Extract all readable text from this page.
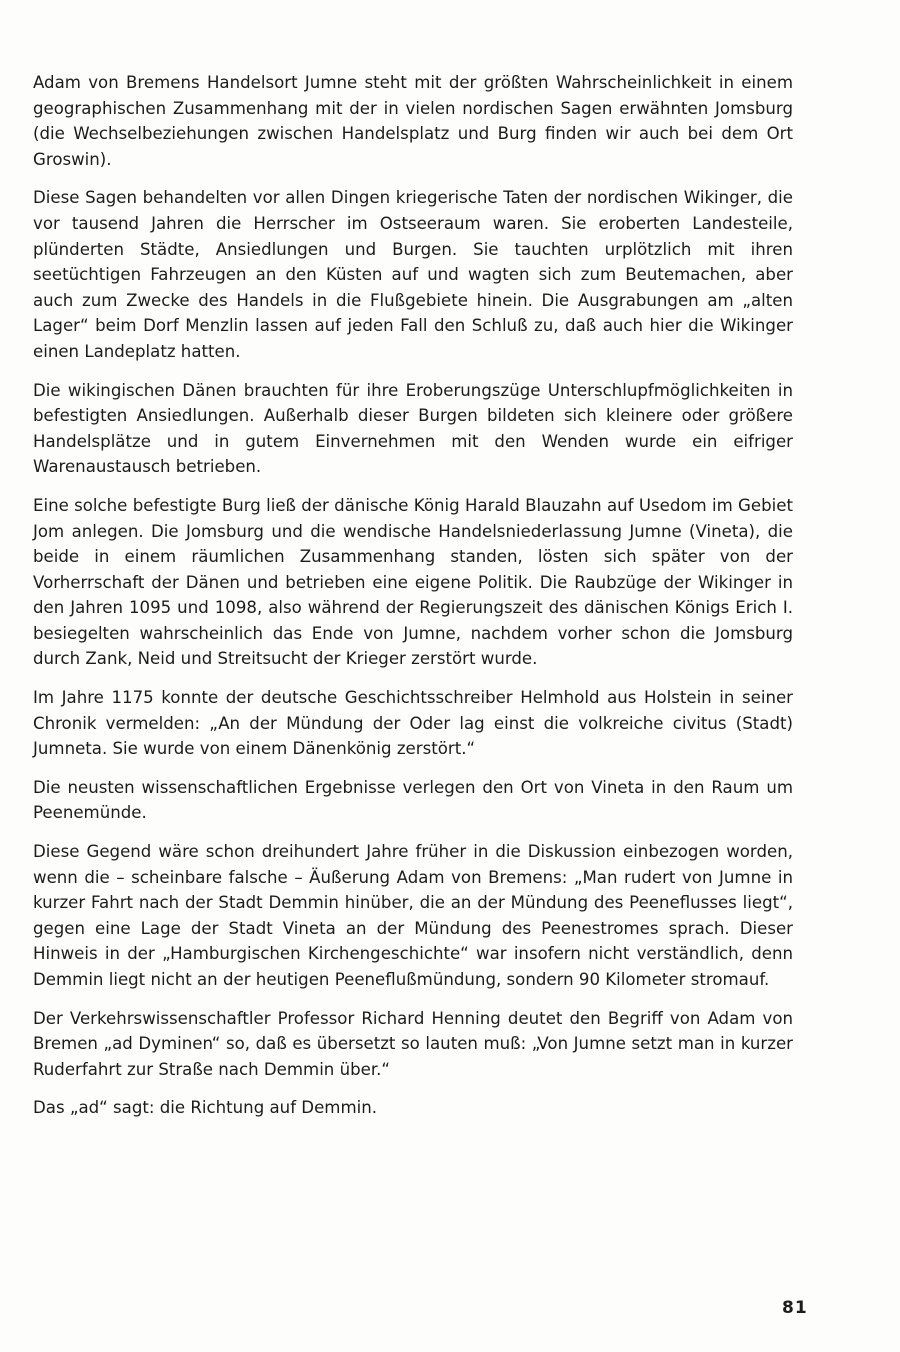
Adam von Bremens Handelsort Jumne steht mit der größten Wahrscheinlichkeit in einem geographischen Zusammenhang mit der in vielen nordischen Sagen erwähnten Jomsburg (die Wechselbeziehungen zwischen Handelsplatz und Burg finden wir auch bei dem Ort Groswin).

Diese Sagen behandelten vor allen Dingen kriegerische Taten der nordischen Wikinger, die vor tausend Jahren die Herrscher im Ostseeraum waren. Sie eroberten Landesteile, plünderten Städte, Ansiedlungen und Burgen. Sie tauchten urplötzlich mit ihren seetüchtigen Fahrzeugen an den Küsten auf und wagten sich zum Beutemachen, aber auch zum Zwecke des Handels in die Flußgebiete hinein. Die Ausgrabungen am „alten Lager“ beim Dorf Menzlin lassen auf jeden Fall den Schluß zu, daß auch hier die Wikinger einen Landeplatz hatten.

Die wikingischen Dänen brauchten für ihre Eroberungszüge Unterschlupfmöglichkeiten in befestigten Ansiedlungen. Außerhalb dieser Burgen bildeten sich kleinere oder größere Handelsplätze und in gutem Einvernehmen mit den Wenden wurde ein eifriger Warenaustausch betrieben.

Eine solche befestigte Burg ließ der dänische König Harald Blauzahn auf Usedom im Gebiet Jom anlegen. Die Jomsburg und die wendische Handelsniederlassung Jumne (Vineta), die beide in einem räumlichen Zusammenhang standen, lösten sich später von der Vorherrschaft der Dänen und betrieben eine eigene Politik. Die Raubzüge der Wikinger in den Jahren 1095 und 1098, also während der Regierungszeit des dänischen Königs Erich I. besiegelten wahrscheinlich das Ende von Jumne, nachdem vorher schon die Jomsburg durch Zank, Neid und Streitsucht der Krieger zerstört wurde.

Im Jahre 1175 konnte der deutsche Geschichtsschreiber Helmhold aus Holstein in seiner Chronik vermelden: „An der Mündung der Oder lag einst die volkreiche civitus (Stadt) Jumneta. Sie wurde von einem Dänenkönig zerstört.“

Die neusten wissenschaftlichen Ergebnisse verlegen den Ort von Vineta in den Raum um Peenemünde.

Diese Gegend wäre schon dreihundert Jahre früher in die Diskussion einbezogen worden, wenn die – scheinbare falsche – Äußerung Adam von Bremens: „Man rudert von Jumne in kurzer Fahrt nach der Stadt Demmin hinüber, die an der Mündung des Peeneflusses liegt“, gegen eine Lage der Stadt Vineta an der Mündung des Peenestromes sprach. Dieser Hinweis in der „Hamburgischen Kirchengeschichte“ war insofern nicht verständlich, denn Demmin liegt nicht an der heutigen Peeneflußmündung, sondern 90 Kilometer stromauf.

Der Verkehrswissenschaftler Professor Richard Henning deutet den Begriff von Adam von Bremen „ad Dyminen“ so, daß es übersetzt so lauten muß: „Von Jumne setzt man in kurzer Ruderfahrt zur Straße nach Demmin über.“

Das „ad“ sagt: die Richtung auf Demmin.

81
